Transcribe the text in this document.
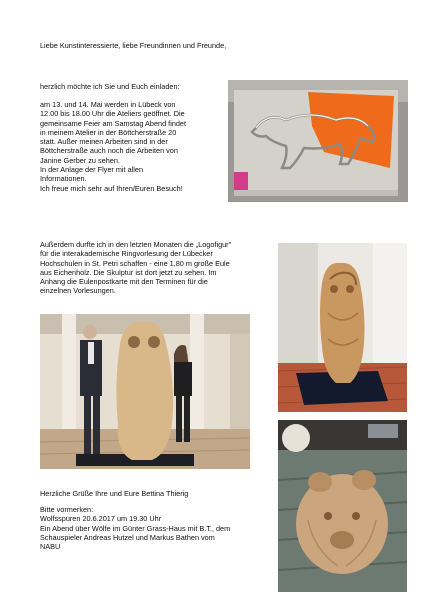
Liebe Kunstinteressierte, liebe Freundinnen und Freunde,

herzlich möchte ich Sie und Euch einladen:

am 13. und 14. Mai werden in Lübeck von
12.00 bis 18.00 Uhr die Ateliers geöffnet. Die
gemeinsame Feier am Samstag Abend findet
in meinem Atelier in der Böttcherstraße 20
statt. Außer meinen Arbeiten sind in der
Böttcherstraße auch noch die Arbeiten von
Janine Gerber zu sehen.
In der Anlage der Flyer mit allen
Informationen.
Ich freue mich sehr auf Ihren/Euren Besuch!

Außerdem durfte ich in den letzten Monaten die „Logofigur"
für die interakademische Ringvorlesung der Lübecker
Hochschulen in St. Petri schaffen - eine 1,80 m große Eule
aus Eichenholz. Die Skulptur ist dort jetzt zu sehen. Im
Anhang die Eulenpostkarte mit den Terminen für die
einzelnen Vorlesungen.

Herzliche Grüße Ihre und Eure Bettina Thierig

Bitte vormerken:
Wolfsspuren 20.6.2017 um 19.30 Uhr
Ein Abend über Wölfe im Günter Grass-Haus mit B.T., dem
Schauspieler Andreas Hutzel und Markus Bathen vom
NABU
